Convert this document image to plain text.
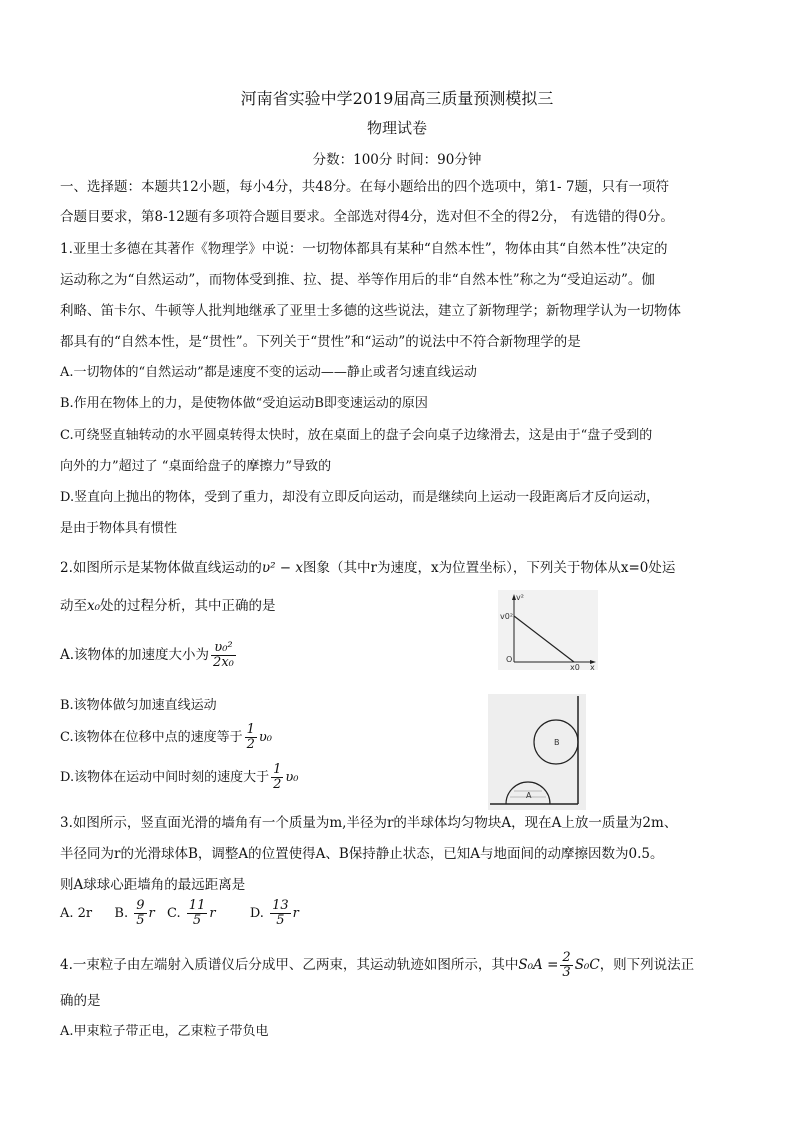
河南省实验中学2019届高三质量预测模拟三
物理试卷
分数：100分 时间：90分钟
一、选择题：本题共12小题，每小4分，共48分。在每小题给出的四个选项中，第1- 7题，只有一项符
合题目要求，第8-12题有多项符合题目要求。全部选对得4分，选对但不全的得2分， 有选错的得0分。
1.亚里士多德在其著作《物理学》中说：一切物体都具有某种“自然本性”，物体由其“自然本性”决定的
运动称之为“自然运动”，而物体受到推、拉、提、举等作用后的非“自然本性”称之为“受迫运动”。伽
利略、笛卡尔、牛顿等人批判地继承了亚里士多德的这些说法，建立了新物理学；新物理学认为一切物体
都具有的“自然本性，是“贯性”。下列关于“贯性”和“运动”的说法中不符合新物理学的是
A.一切物体的“自然运动”都是速度不变的运动——静止或者匀速直线运动
B.作用在物体上的力，是使物体做“受迫运动B即变速运动的原因
C.可绕竖直轴转动的水平圆桌转得太快时，放在桌面上的盘子会向桌子边缘滑去，这是由于“盘子受到的
向外的力”超过了 “桌面给盘子的摩擦力”导致的
D.竖直向上抛出的物体，受到了重力，却没有立即反向运动，而是继续向上运动一段距离后才反向运动，
是由于物体具有惯性
2.如图所示是某物体做直线运动的υ² − x图象（其中r为速度，x为位置坐标），下列关于物体从x=0处运
动至x₀处的过程分析，其中正确的是
A.该物体的加速度大小为 $\frac{\text{υ₀²}}{\text{2x₀}}$
B.该物体做匀加速直线运动
C.该物体在位移中点的速度等于 $\frac{1}{2} \upsilon_0$
D.该物体在运动中间时刻的速度大于 $\frac{1}{2} \upsilon_0$
v²
v0²
O
x0 x
A
B
3.如图所示，竖直面光滑的墙角有一个质量为m,半径为r的半球体均匀物块A，现在A上放一质量为2m、
半径同为r的光滑球体B，调整A的位置使得A、B保持静止状态，已知A与地面间的动摩擦因数为0.5。
则A球球心距墙角的最远距离是
A. 2r B. $\frac{9}{5}$ r C. $\frac{11}{5}$ r	D. $\frac{13}{5}$ r
4.一束粒子由左端射入质谱仪后分成甲、乙两束，其运动轨迹如图所示，其中$S_0A = \frac{2}{3} S_0C$，则下列说法正
确的是
A.甲束粒子带正电，乙束粒子带负电
